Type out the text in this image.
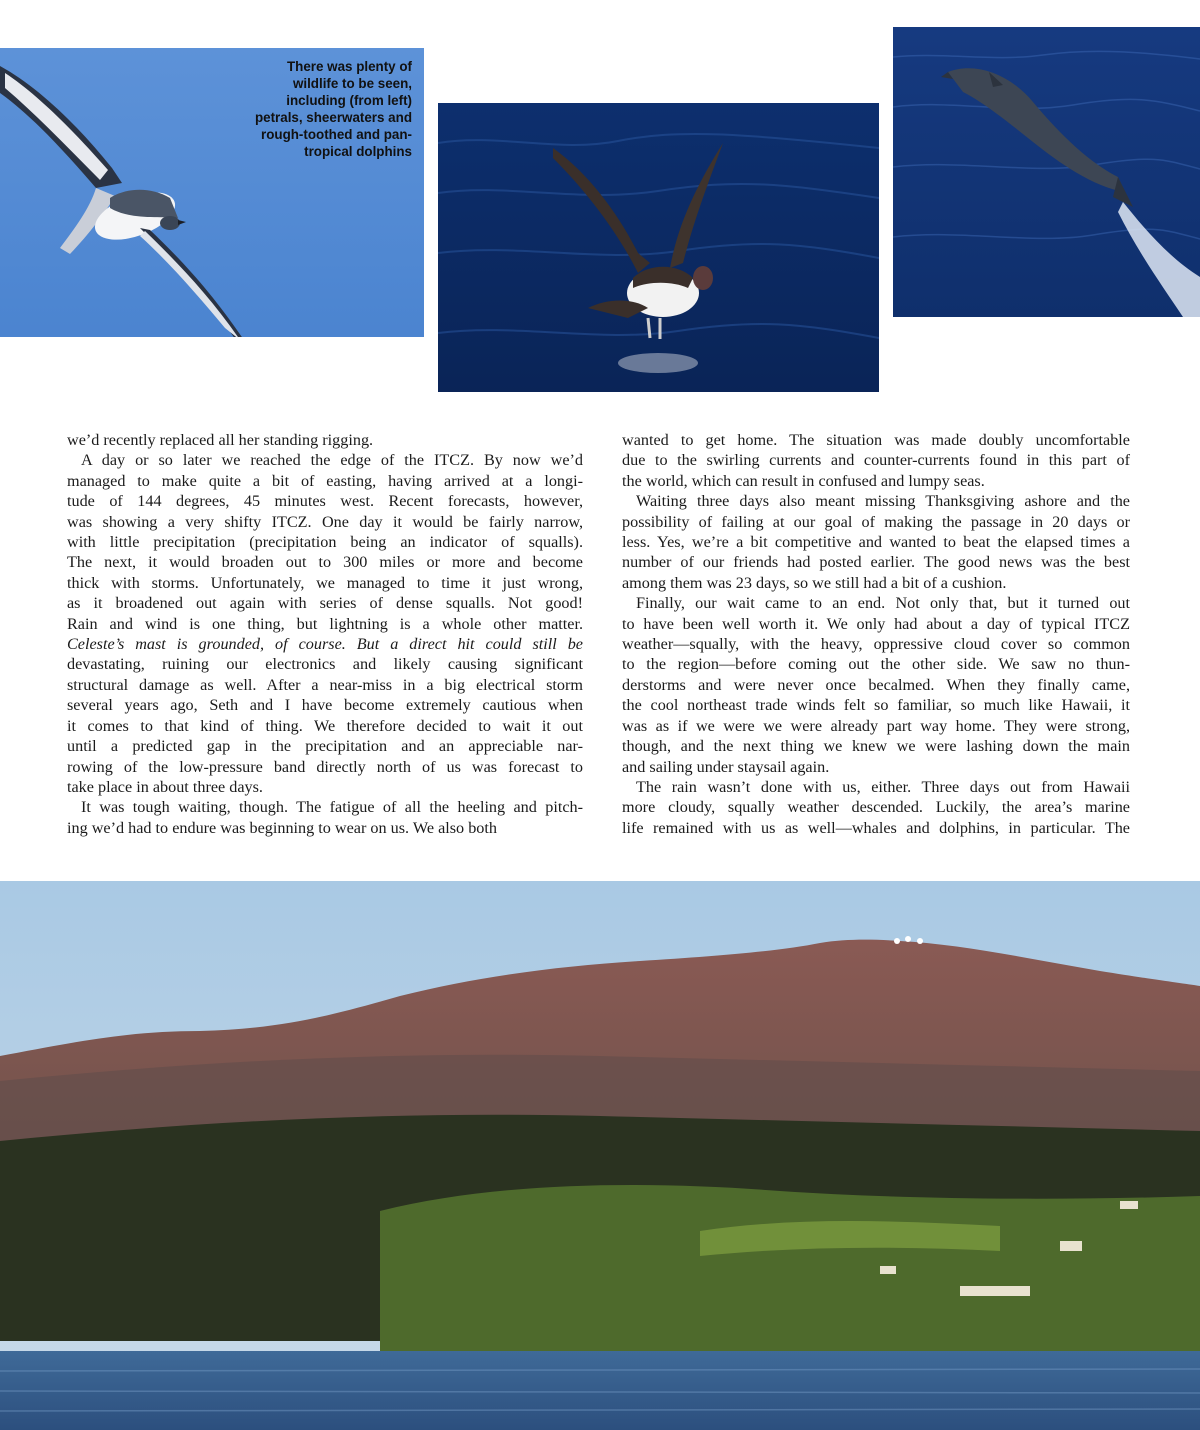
There was plenty of
wildlife to be seen,
including (from left)
petrals, sheerwaters and
rough-toothed and pan-
tropical dolphins

we’d recently replaced all her standing rigging.

A day or so later we reached the edge of the ITCZ. By now we’d
managed to make quite a bit of easting, having arrived at a longi-
tude of 144 degrees, 45 minutes west. Recent forecasts, however,
was showing a very shifty ITCZ. One day it would be fairly narrow,
with little precipitation (precipitation being an indicator of squalls).
The next, it would broaden out to 300 miles or more and become
thick with storms. Unfortunately, we managed to time it just wrong,
as it broadened out again with series of dense squalls. Not good!
Rain and wind is one thing, but lightning is a whole other matter.
Celeste’s mast is grounded, of course. But a direct hit could still be
devastating, ruining our electronics and likely causing significant
structural damage as well. After a near-miss in a big electrical storm
several years ago, Seth and I have become extremely cautious when
it comes to that kind of thing. We therefore decided to wait it out
until a predicted gap in the precipitation and an appreciable nar-
rowing of the low-pressure band directly north of us was forecast to
take place in about three days.

It was tough waiting, though. The fatigue of all the heeling and pitch-
ing we’d had to endure was beginning to wear on us. We also both

wanted to get home. The situation was made doubly uncomfortable
due to the swirling currents and counter-currents found in this part of
the world, which can result in confused and lumpy seas.

Waiting three days also meant missing Thanksgiving ashore and the
possibility of failing at our goal of making the passage in 20 days or
less. Yes, we’re a bit competitive and wanted to beat the elapsed times a
number of our friends had posted earlier. The good news was the best
among them was 23 days, so we still had a bit of a cushion.

Finally, our wait came to an end. Not only that, but it turned out
to have been well worth it. We only had about a day of typical ITCZ
weather—squally, with the heavy, oppressive cloud cover so common
to the region—before coming out the other side. We saw no thun-
derstorms and were never once becalmed. When they finally came,
the cool northeast trade winds felt so familiar, so much like Hawaii, it
was as if we were we were already part way home. They were strong,
though, and the next thing we knew we were lashing down the main
and sailing under staysail again.

The rain wasn’t done with us, either. Three days out from Hawaii
more cloudy, squally weather descended. Luckily, the area’s marine
life remained with us as well—whales and dolphins, in particular. The
